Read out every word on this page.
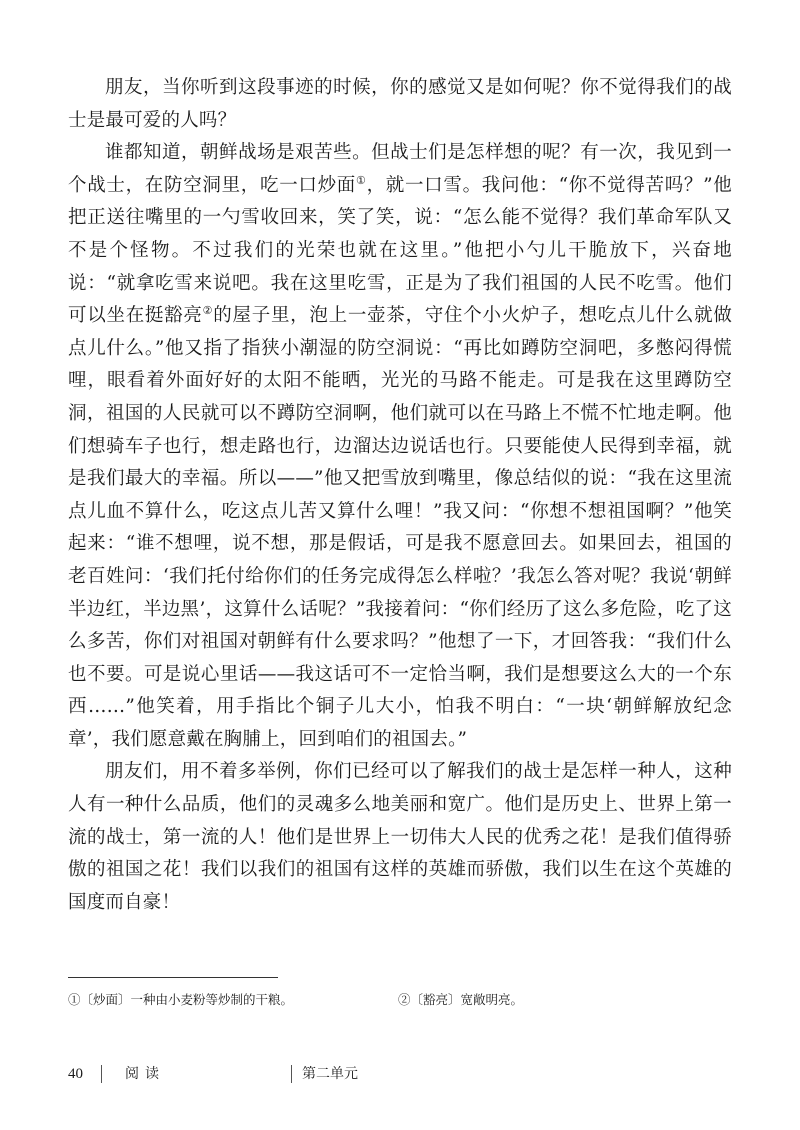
朋友，当你听到这段事迹的时候，你的感觉又是如何呢？你不觉得我们的战士是最可爱的人吗？

谁都知道，朝鲜战场是艰苦些。但战士们是怎样想的呢？有一次，我见到一个战士，在防空洞里，吃一口炒面①，就一口雪。我问他：“你不觉得苦吗？”他把正送往嘴里的一勺雪收回来，笑了笑，说：“怎么能不觉得？我们革命军队又不是个怪物。不过我们的光荣也就在这里。”他把小勺儿干脆放下，兴奋地说：“就拿吃雪来说吧。我在这里吃雪，正是为了我们祖国的人民不吃雪。他们可以坐在挺豁亮②的屋子里，泡上一壶茶，守住个小火炉子，想吃点儿什么就做点儿什么。”他又指了指狭小潮湿的防空洞说：“再比如蹲防空洞吧，多憋闷得慌哩，眼看着外面好好的太阳不能晒，光光的马路不能走。可是我在这里蹲防空洞，祖国的人民就可以不蹲防空洞啊，他们就可以在马路上不慌不忙地走啊。他们想骑车子也行，想走路也行，边溜达边说话也行。只要能使人民得到幸福，就是我们最大的幸福。所以——”他又把雪放到嘴里，像总结似的说：“我在这里流点儿血不算什么，吃这点儿苦又算什么哩！”我又问：“你想不想祖国啊？”他笑起来：“谁不想哩，说不想，那是假话，可是我不愿意回去。如果回去，祖国的老百姓问：‘我们托付给你们的任务完成得怎么样啦？’我怎么答对呢？我说‘朝鲜半边红，半边黑’，这算什么话呢？”我接着问：“你们经历了这么多危险，吃了这么多苦，你们对祖国对朝鲜有什么要求吗？”他想了一下，才回答我：“我们什么也不要。可是说心里话——我这话可不一定恰当啊，我们是想要这么大的一个东西……”他笑着，用手指比个铜子儿大小，怕我不明白：“一块‘朝鲜解放纪念章’，我们愿意戴在胸脯上，回到咱们的祖国去。”

朋友们，用不着多举例，你们已经可以了解我们的战士是怎样一种人，这种人有一种什么品质，他们的灵魂多么地美丽和宽广。他们是历史上、世界上第一流的战士，第一流的人！他们是世界上一切伟大人民的优秀之花！是我们值得骄傲的祖国之花！我们以我们的祖国有这样的英雄而骄傲，我们以生在这个英雄的国度而自豪！

①〔炒面〕一种由小麦粉等炒制的干粮。	②〔豁亮〕宽敞明亮。
40	阅读	第二单元
